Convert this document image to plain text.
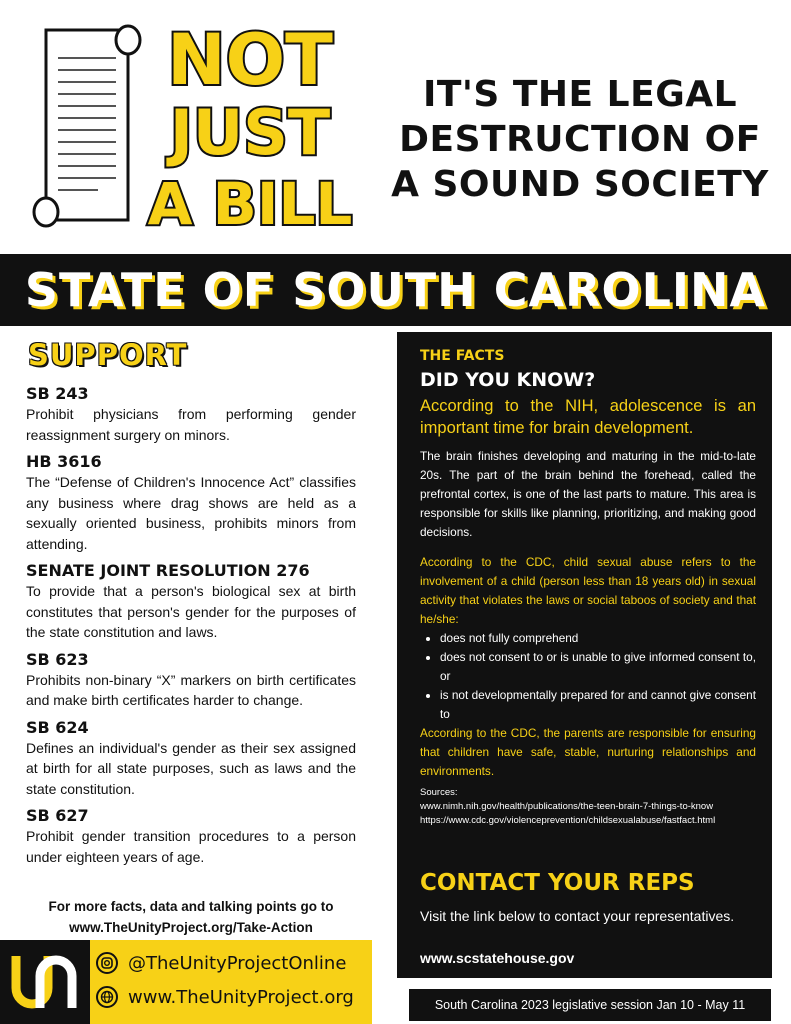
NOT
JUST
A BILL
IT'S THE LEGAL
DESTRUCTION OF
A SOUND SOCIETY
STATE OF SOUTH CAROLINA
SUPPORT
SB 243
Prohibit physicians from performing gender reassignment surgery on minors.
HB 3616
The “Defense of Children's Innocence Act” classifies any business where drag shows are held as a sexually oriented business, prohibits minors from attending.
SENATE JOINT RESOLUTION 276
To provide that a person's biological sex at birth constitutes that person's gender for the purposes of the state constitution and laws.
SB 623
Prohibits non-binary “X” markers on birth certificates and make birth certificates harder to change.
SB 624
Defines an individual's gender as their sex assigned at birth for all state purposes, such as laws and the state constitution.
SB 627
Prohibit gender transition procedures to a person under eighteen years of age.
For more facts, data and talking points go to
www.TheUnityProject.org/Take-Action
@TheUnityProjectOnline
www.TheUnityProject.org
THE FACTS
DID YOU KNOW?
According to the NIH, adolescence is an important time for brain development.
The brain finishes developing and maturing in the mid-to-late 20s. The part of the brain behind the forehead, called the prefrontal cortex, is one of the last parts to mature. This area is responsible for skills like planning, prioritizing, and making good decisions.
According to the CDC, child sexual abuse refers to the involvement of a child (person less than 18 years old) in sexual activity that violates the laws or social taboos of society and that he/she:
• does not fully comprehend
• does not consent to or is unable to give informed consent to, or
• is not developmentally prepared for and cannot give consent to
According to the CDC, the parents are responsible for ensuring that children have safe, stable, nurturing relationships and environments.
Sources:
www.nimh.nih.gov/health/publications/the-teen-brain-7-things-to-know
https://www.cdc.gov/violenceprevention/childsexualabuse/fastfact.html
CONTACT YOUR REPS
Visit the link below to contact your representatives.
www.scstatehouse.gov
South Carolina 2023 legislative session Jan 10 - May 11
